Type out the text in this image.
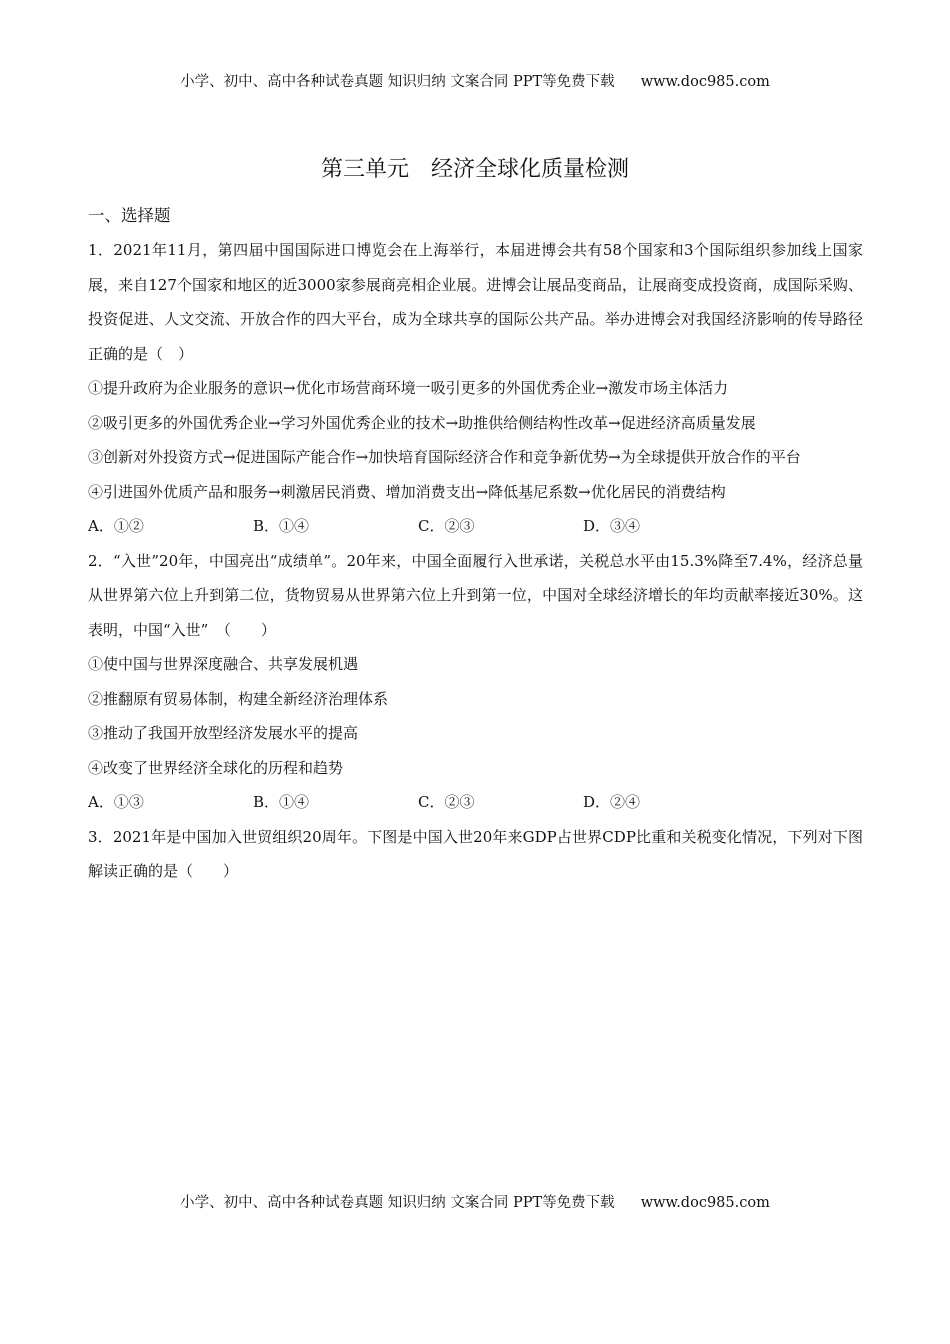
小学、初中、高中各种试卷真题 知识归纳 文案合同 PPT等免费下载 www.doc985.com
第三单元 经济全球化质量检测
一、选择题

1．2021年11月，第四届中国国际进口博览会在上海举行，本届进博会共有58个国家和3个国际组织参加线上国家展，来自127个国家和地区的近3000家参展商亮相企业展。进博会让展品变商品，让展商变成投资商，成国际采购、投资促进、人文交流、开放合作的四大平台，成为全球共享的国际公共产品。举办进博会对我国经济影响的传导路径正确的是（　）

①提升政府为企业服务的意识→优化市场营商环境一吸引更多的外国优秀企业→激发市场主体活力

②吸引更多的外国优秀企业→学习外国优秀企业的技术→助推供给侧结构性改革→促进经济高质量发展

③创新对外投资方式→促进国际产能合作→加快培育国际经济合作和竞争新优势→为全球提供开放合作的平台

④引进国外优质产品和服务→刺激居民消费、增加消费支出→降低基尼系数→优化居民的消费结构

A．①②	B．①④	C．②③	D．③④

2．“入世”20年，中国亮出“成绩单”。20年来，中国全面履行入世承诺，关税总水平由15.3%降至7.4%，经济总量从世界第六位上升到第二位，货物贸易从世界第六位上升到第一位，中国对全球经济增长的年均贡献率接近30%。这表明，中国“入世”　（　　）

①使中国与世界深度融合、共享发展机遇

②推翻原有贸易体制，构建全新经济治理体系

③推动了我国开放型经济发展水平的提高

④改变了世界经济全球化的历程和趋势

A．①③	B．①④	C．②③	D．②④

3．2021年是中国加入世贸组织20周年。下图是中国入世20年来GDP占世界CDP比重和关税变化情况，下列对下图解读正确的是（　　）

小学、初中、高中各种试卷真题 知识归纳 文案合同 PPT等免费下载 www.doc985.com
